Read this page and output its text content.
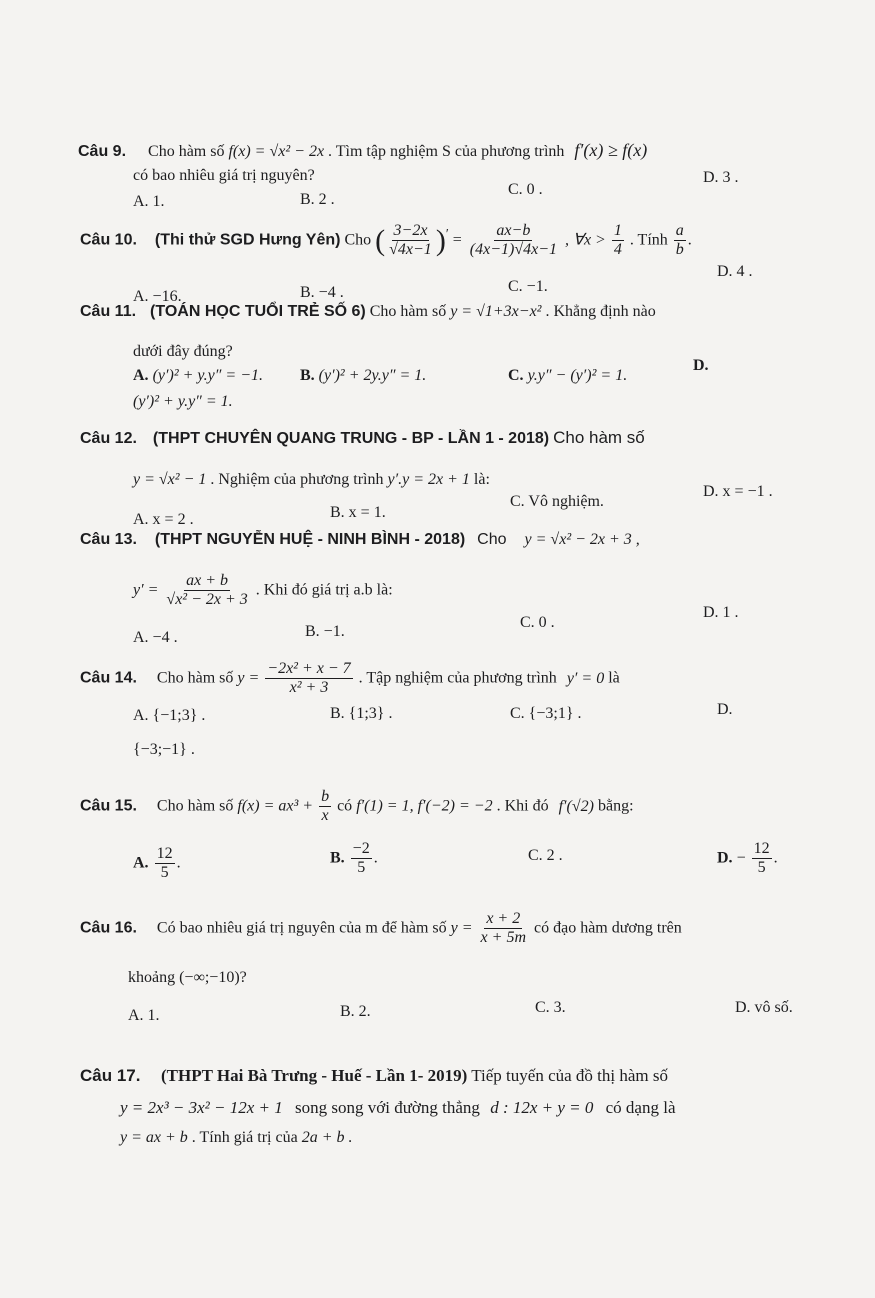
Câu 9. Cho hàm số f(x) = √x² − 2x . Tìm tập nghiệm S của phương trình f′(x) ≥ f(x)
có bao nhiêu giá trị nguyên?
A. 1.	B. 2 .
C. 0 .
D. 3 .
Câu 10. (Thi thử SGD Hưng Yên) Cho ( $\frac{3-2x}{√4x-1} )' = \frac{ax-b}{(4x-1)√4x-1}$ , ∀x > $\frac{1}{4}$ . Tính $\frac{a}{b}$ .
A. −16.	B. −4 .	C. −1.
D. 4 .
Câu 11. (TOÁN HỌC TUỔI TRẺ SỐ 6) Cho hàm số y = √1+3x−x² . Khẳng định nào
dưới đây đúng?
A. (y′)² + y.y″ = −1. B. (y′)² + 2y.y″ = 1.	C. y.y″ − (y′)² = 1.
D.
(y′)² + y.y″ = 1.
Câu 12. (THPT CHUYÊN QUANG TRUNG - BP - LẦN 1 - 2018) Cho hàm số
y = √x² − 1 . Nghiệm của phương trình y′.y = 2x + 1 là:
A. x = 2 .	B. x = 1.
C. Vô nghiệm.
D. x = −1 .
Câu 13. (THPT NGUYỄN HUỆ - NINH BÌNH - 2018) Cho y = √x² − 2x + 3 ,
$y' = \frac{ax + b}{\text{√x² − 2x + 3}}$ . Khi đó giá trị a.b là:
A. −4 .	B. −1.
C. 0 .
D. 1 .
Câu 14. Cho hàm số $y = \frac{\text{−2x² + x − 7}}{\text{x² + 3}}$ . Tập nghiệm của phương trình y′ = 0 là
A. {−1;3} .	B. {1;3} .	C. {−3;1} .	D.
{−3;−1} .
Câu 15. Cho hàm số $f(x) = ax^3 + \frac{b}{x}$ có f′(1) = 1, f′(−2) = −2 . Khi đó f′(√2) bằng:
A. $\frac{12}{5}$ .	B. $\frac{-2}{5}$ .	C. 2 .	D. − $\frac{12}{5}$ .
Câu 16. Có bao nhiêu giá trị nguyên của m để hàm số $y = \frac{x + 2}{x + 5m}$ có đạo hàm dương trên
khoảng (−∞;−10)?
A. 1.	B. 2.	C. 3.	D. vô số.
Câu 17. (THPT Hai Bà Trưng - Huế - Lần 1- 2019) Tiếp tuyến của đồ thị hàm số
y = 2x³ − 3x² − 12x + 1 song song với đường thẳng d : 12x + y = 0 có dạng là
y = ax + b . Tính giá trị của 2a + b .
